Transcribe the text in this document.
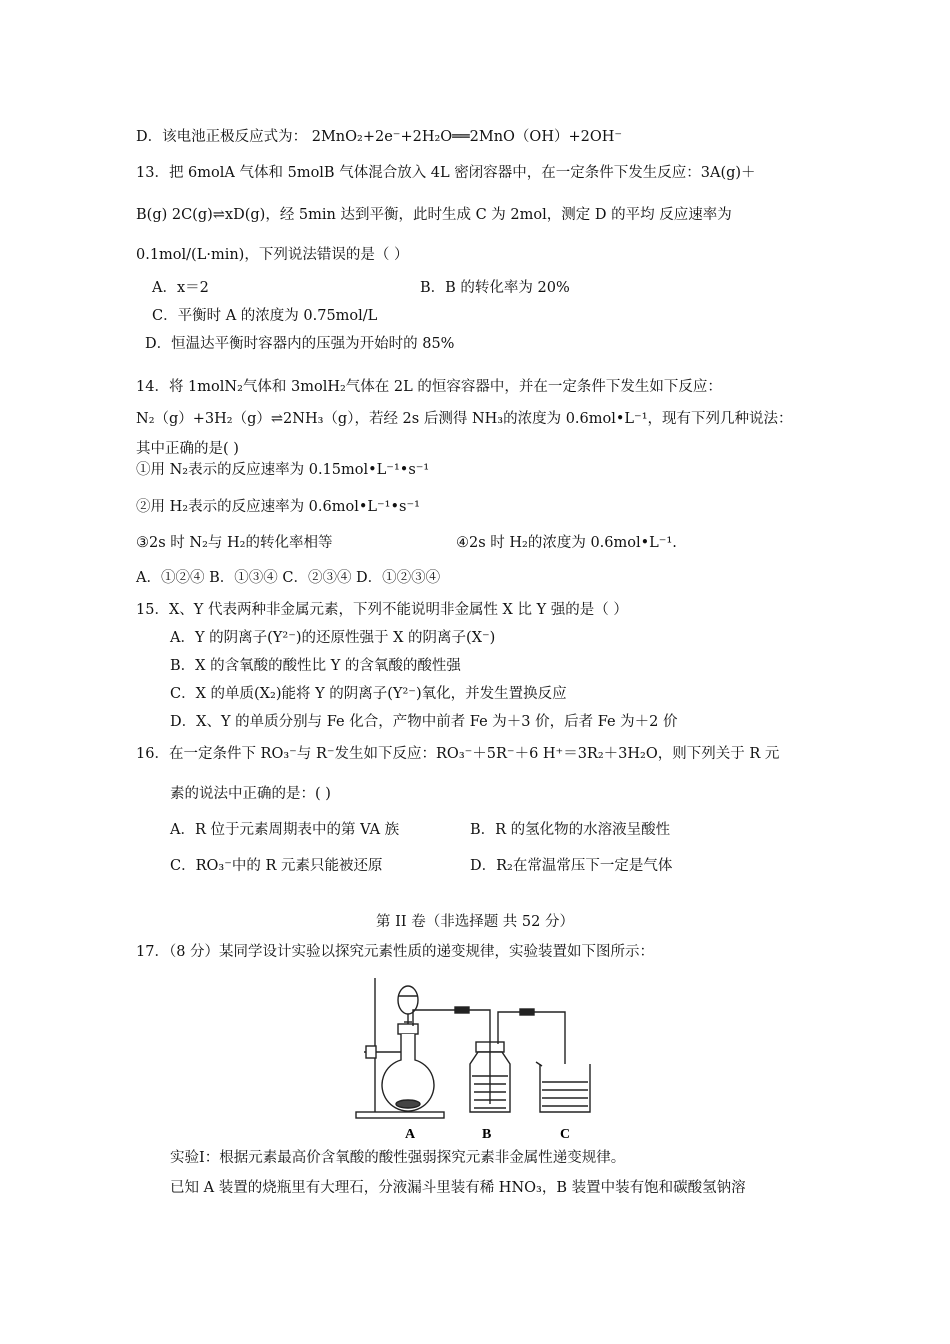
D．该电池正极反应式为： 2MnO₂+2e⁻+2H₂O══2MnO（OH）+2OH⁻
13．把 6molA 气体和 5molB 气体混合放入 4L 密闭容器中，在一定条件下发生反应：3A(g)＋
B(g) 2C(g)⇌xD(g)，经 5min 达到平衡，此时生成 C 为 2mol，测定 D 的平均 反应速率为
0.1mol/(L·min)，下列说法错误的是（ ）
A．x＝2	B．B 的转化率为 20%
C．平衡时 A 的浓度为 0.75mol/L
D．恒温达平衡时容器内的压强为开始时的 85%
14．将 1molN₂气体和 3molH₂气体在 2L 的恒容容器中，并在一定条件下发生如下反应：
N₂（g）+3H₂（g）⇌2NH₃（g），若经 2s 后测得 NH₃的浓度为 0.6mol•L⁻¹，现有下列几种说法：
其中正确的是( )
①用 N₂表示的反应速率为 0.15mol•L⁻¹•s⁻¹
②用 H₂表示的反应速率为 0.6mol•L⁻¹•s⁻¹
③2s 时 N₂与 H₂的转化率相等	④2s 时 H₂的浓度为 0.6mol•L⁻¹.
A．①②④ B．①③④ C．②③④ D．①②③④
15．X、Y 代表两种非金属元素，下列不能说明非金属性 X 比 Y 强的是（ ）
A．Y 的阴离子(Y²⁻)的还原性强于 X 的阴离子(X⁻)
B．X 的含氧酸的酸性比 Y 的含氧酸的酸性强
C．X 的单质(X₂)能将 Y 的阴离子(Y²⁻)氧化，并发生置换反应
D．X、Y 的单质分别与 Fe 化合，产物中前者 Fe 为＋3 价，后者 Fe 为＋2 价
16．在一定条件下 RO₃⁻与 R⁻发生如下反应：RO₃⁻＋5R⁻＋6 H⁺＝3R₂＋3H₂O，则下列关于 R 元
素的说法中正确的是：( )
A．R 位于元素周期表中的第 VA 族	B．R 的氢化物的水溶液呈酸性
C．RO₃⁻中的 R 元素只能被还原	D．R₂在常温常压下一定是气体
第 II 卷（非选择题 共 52 分）
17．（8 分）某同学设计实验以探究元素性质的递变规律，实验装置如下图所示：
A	B	C
实验Ⅰ：根据元素最高价含氧酸的酸性强弱探究元素非金属性递变规律。
已知 A 装置的烧瓶里有大理石，分液漏斗里装有稀 HNO₃，B 装置中装有饱和碳酸氢钠溶
